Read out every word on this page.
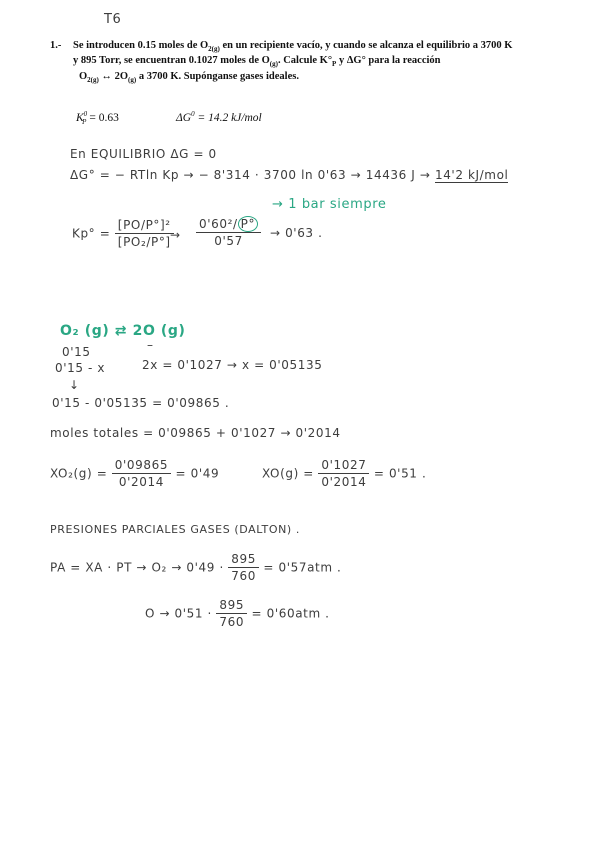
T6
1.- Se introducen 0.15 moles de $O_{2(g)}$ en un recipiente vacío, y cuando se alcanza el equilibrio a 3700 K
y 895 Torr, se encuentran 0.1027 moles de $O_{(g)}$. Calcule $K^\circ_P$ y ΔG° para la reacción
$O_{2(g)}$ ↔ $2O_{(g)}$ a 3700 K. Supónganse gases ideales.
$K^0_P = 0.63$	$\Delta G^0 = 14.2$ kJ/mol
En EQUILIBRIO ΔG = 0
ΔG° = − RTln Kp → − 8'314 · 3700 ln 0'63 → 14436 J → 14'2 kJ/mol
$Kp^\circ = \frac{\text{[PO/P°]²}}{\text{[PO₂/P°]}}$
→ $\frac{\text{0'60²/ P°}}{0'57} \to 0'63$ .
→ 1 bar siempre
O₂ (g) ⇄ 2O (g)
0'15	–
0'15 - x	2x = 0'1027 → x = 0'05135
↓
0'15 - 0'05135 = 0'09865 .
moles totales = 0'09865 + 0'1027 → 0'2014
$XO_2(g) = \frac{0'09865}{0'2014} = 0'49$	$XO(g) = \frac{0'1027}{0'2014} = 0'51$ .
PRESIONES PARCIALES GASES (DALTON) .
PA = XA · PT → $O_2 \to 0'49 \cdot \frac{895}{760} = 0'57atm$ .
$O \to 0'51 \cdot \frac{895}{760} = 0'60atm$ .
